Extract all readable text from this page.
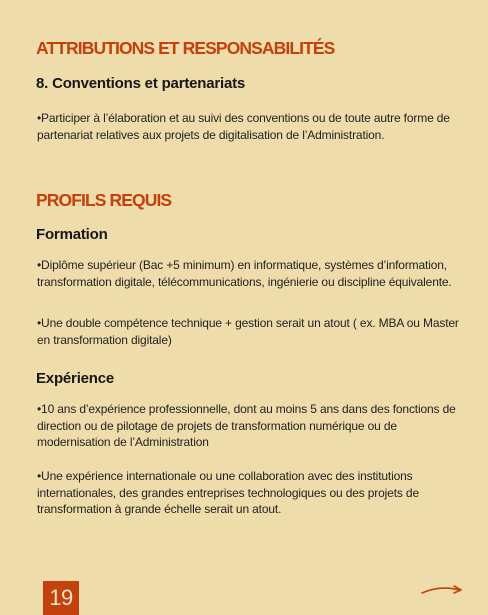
ATTRIBUTIONS ET RESPONSABILITÉS
8. Conventions et partenariats

•Participer à l’élaboration et au suivi des conventions ou de toute autre forme de partenariat relatives aux projets de digitalisation de l’Administration.

PROFILS REQUIS
Formation

•Diplôme supérieur (Bac +5 minimum) en informatique, systèmes d’information, transformation digitale, télécommunications, ingénierie ou discipline équivalente.

•Une double compétence technique + gestion serait un atout ( ex. MBA ou Master en transformation digitale)

Expérience

•10 ans d’expérience professionnelle, dont au moins 5 ans dans des fonctions de direction ou de pilotage de projets de transformation numérique ou de modernisation de l’Administration

•Une expérience internationale ou une collaboration avec des institutions internationales, des grandes entreprises technologiques ou des projets de transformation à grande échelle serait un atout.

19
